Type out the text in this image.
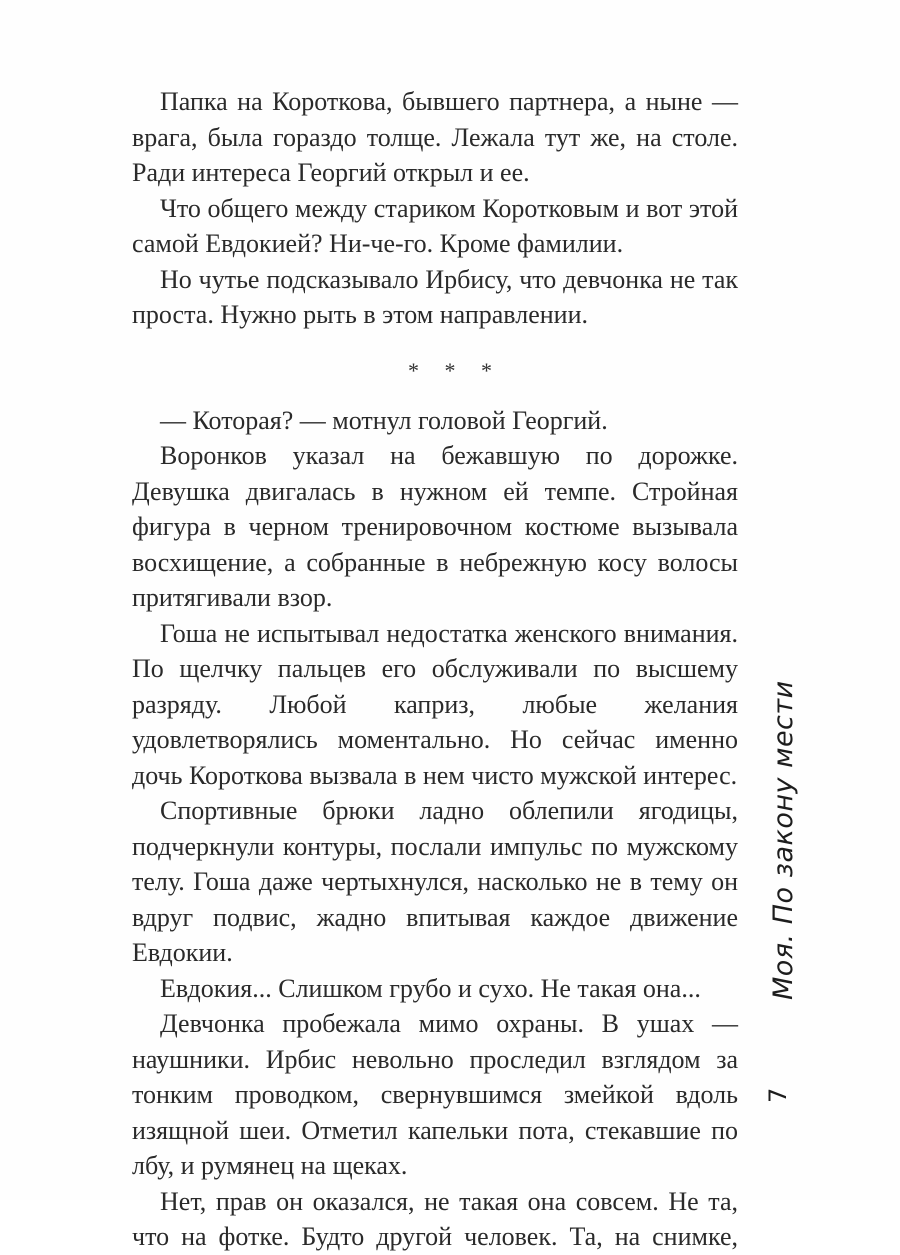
Папка на Короткова, бывшего партнера, а ныне — врага, была гораздо толще. Лежала тут же, на столе. Ради интереса Георгий открыл и ее.

Что общего между стариком Коротковым и вот этой самой Евдокией? Ни-че-го. Кроме фамилии.

Но чутье подсказывало Ирбису, что девчонка не так проста. Нужно рыть в этом направлении.

* * *

— Которая? — мотнул головой Георгий.

Воронков указал на бежавшую по дорожке. Девушка двигалась в нужном ей темпе. Стройная фигура в черном тренировочном костюме вызывала восхищение, а собранные в небрежную косу волосы притягивали взор.

Гоша не испытывал недостатка женского внимания. По щелчку пальцев его обслуживали по высшему разряду. Любой каприз, любые желания удовлетворялись моментально. Но сейчас именно дочь Короткова вызвала в нем чисто мужской интерес.

Спортивные брюки ладно облепили ягодицы, подчеркнули контуры, послали импульс по мужскому телу. Гоша даже чертыхнулся, насколько не в тему он вдруг подвис, жадно впитывая каждое движение Евдокии.

Евдокия... Слишком грубо и сухо. Не такая она...

Девчонка пробежала мимо охраны. В ушах — наушники. Ирбис невольно проследил взглядом за тонким проводком, свернувшимся змейкой вдоль изящной шеи. Отметил капельки пота, стекавшие по лбу, и румянец на щеках.

Нет, прав он оказался, не такая она совсем. Не та, что на фотке. Будто другой человек. Та, на снимке,

Моя. По закону мести
7
